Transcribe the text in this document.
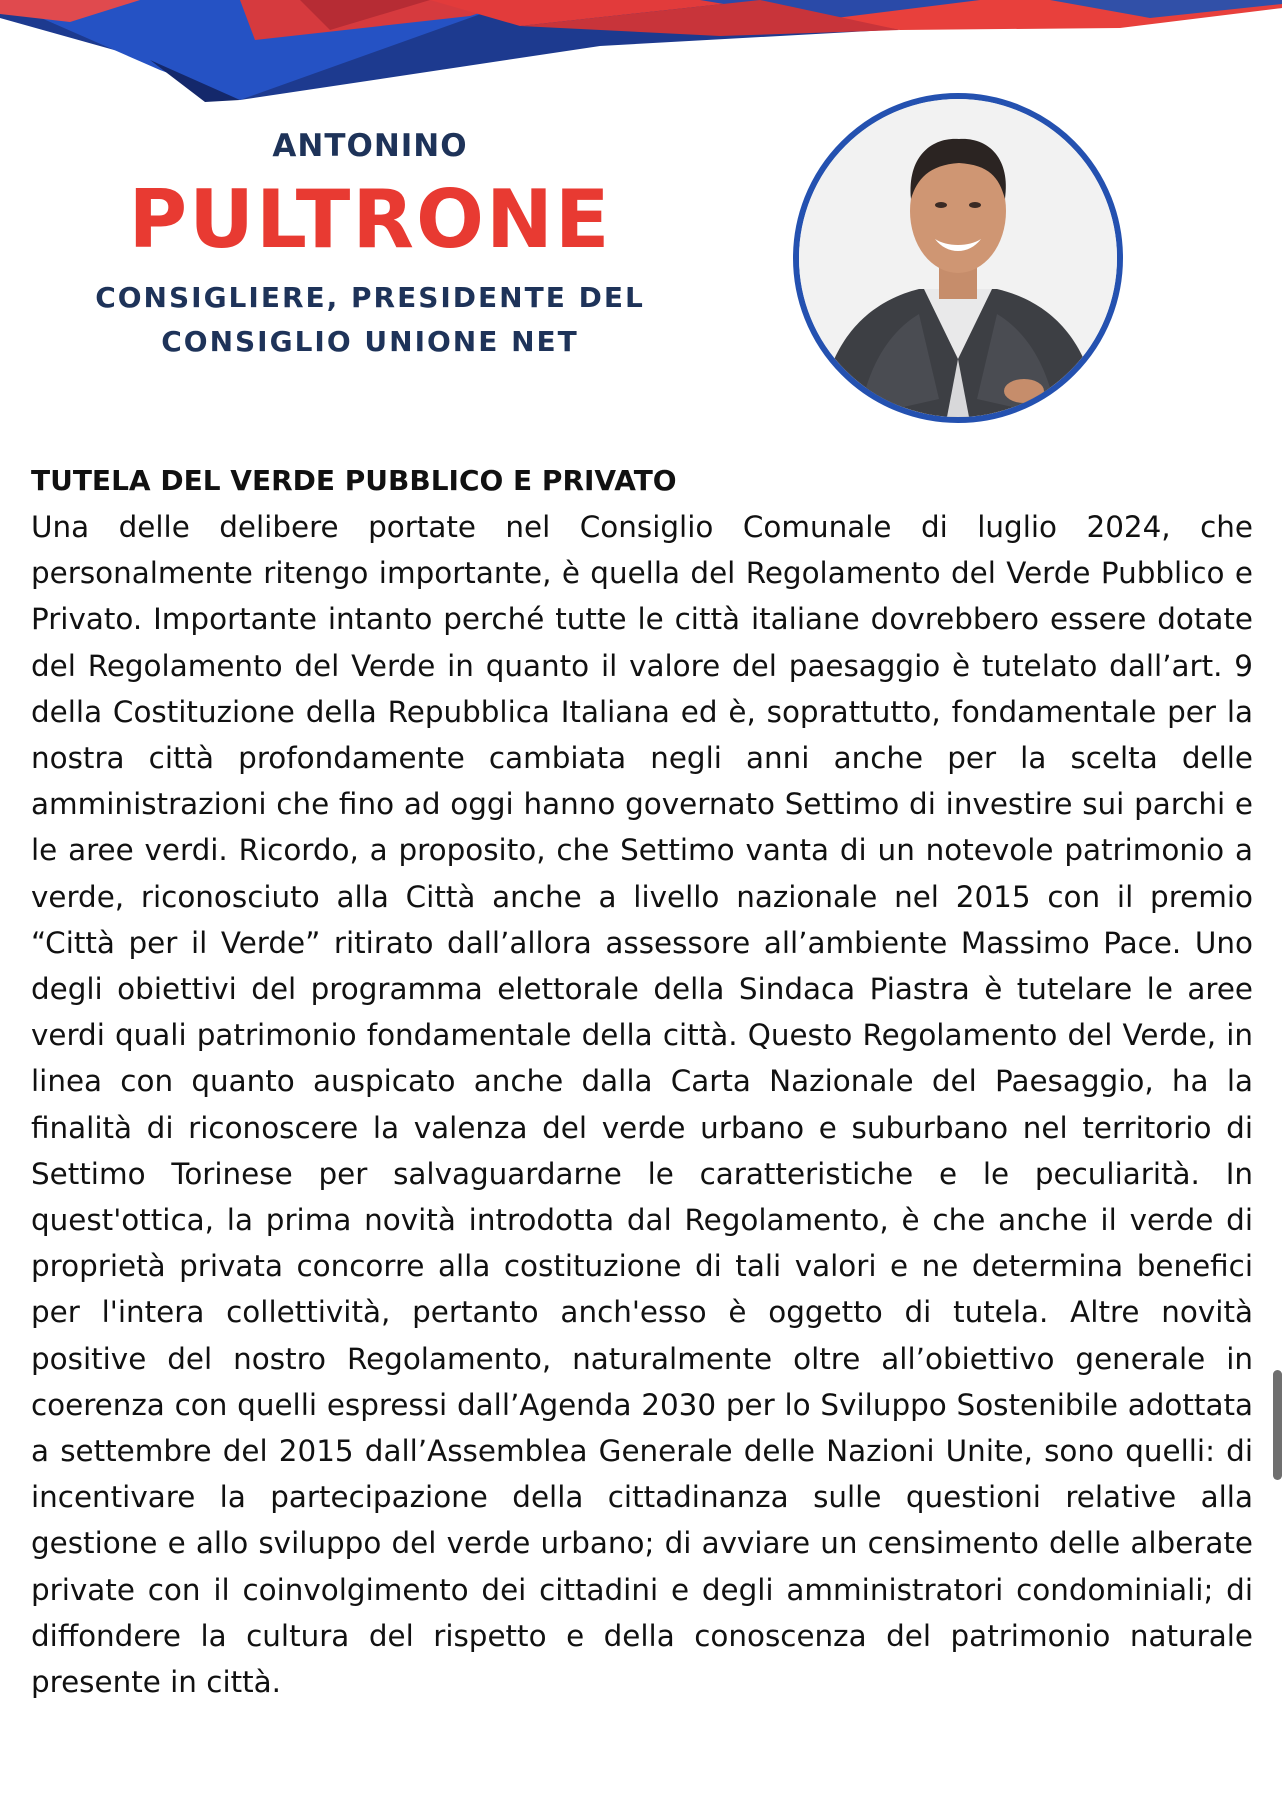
ANTONINO
PULTRONE
CONSIGLIERE, PRESIDENTE DEL
CONSIGLIO UNIONE NET
TUTELA DEL VERDE PUBBLICO E PRIVATO

Una delle delibere portate nel Consiglio Comunale di luglio 2024, che personalmente ritengo importante, è quella del Regolamento del Verde Pubblico e Privato. Importante intanto perché tutte le città italiane dovrebbero essere dotate del Regolamento del Verde in quanto il valore del paesaggio è tutelato dall’art. 9 della Costituzione della Repubblica Italiana ed è, soprattutto, fondamentale per la nostra città profondamente cambiata negli anni anche per la scelta delle amministrazioni che fino ad oggi hanno governato Settimo di investire sui parchi e le aree verdi. Ricordo, a proposito, che Settimo vanta di un notevole patrimonio a verde, riconosciuto alla Città anche a livello nazionale nel 2015 con il premio “Città per il Verde” ritirato dall’allora assessore all’ambiente Massimo Pace. Uno degli obiettivi del programma elettorale della Sindaca Piastra è tutelare le aree verdi quali patrimonio fondamentale della città. Questo Regolamento del Verde, in linea con quanto auspicato anche dalla Carta Nazionale del Paesaggio, ha la finalità di riconoscere la valenza del verde urbano e suburbano nel territorio di Settimo Torinese per salvaguardarne le caratteristiche e le peculiarità. In quest'ottica, la prima novità introdotta dal Regolamento, è che anche il verde di proprietà privata concorre alla costituzione di tali valori e ne determina benefici per l'intera collettività, pertanto anch'esso è oggetto di tutela. Altre novità positive del nostro Regolamento, naturalmente oltre all’obiettivo generale in coerenza con quelli espressi dall’Agenda 2030 per lo Sviluppo Sostenibile adottata a settembre del 2015 dall’Assemblea Generale delle Nazioni Unite, sono quelli: di incentivare la partecipazione della cittadinanza sulle questioni relative alla gestione e allo sviluppo del verde urbano; di avviare un censimento delle alberate private con il coinvolgimento dei cittadini e degli amministratori condominiali; di diffondere la cultura del rispetto e della conoscenza del patrimonio naturale presente in città.
